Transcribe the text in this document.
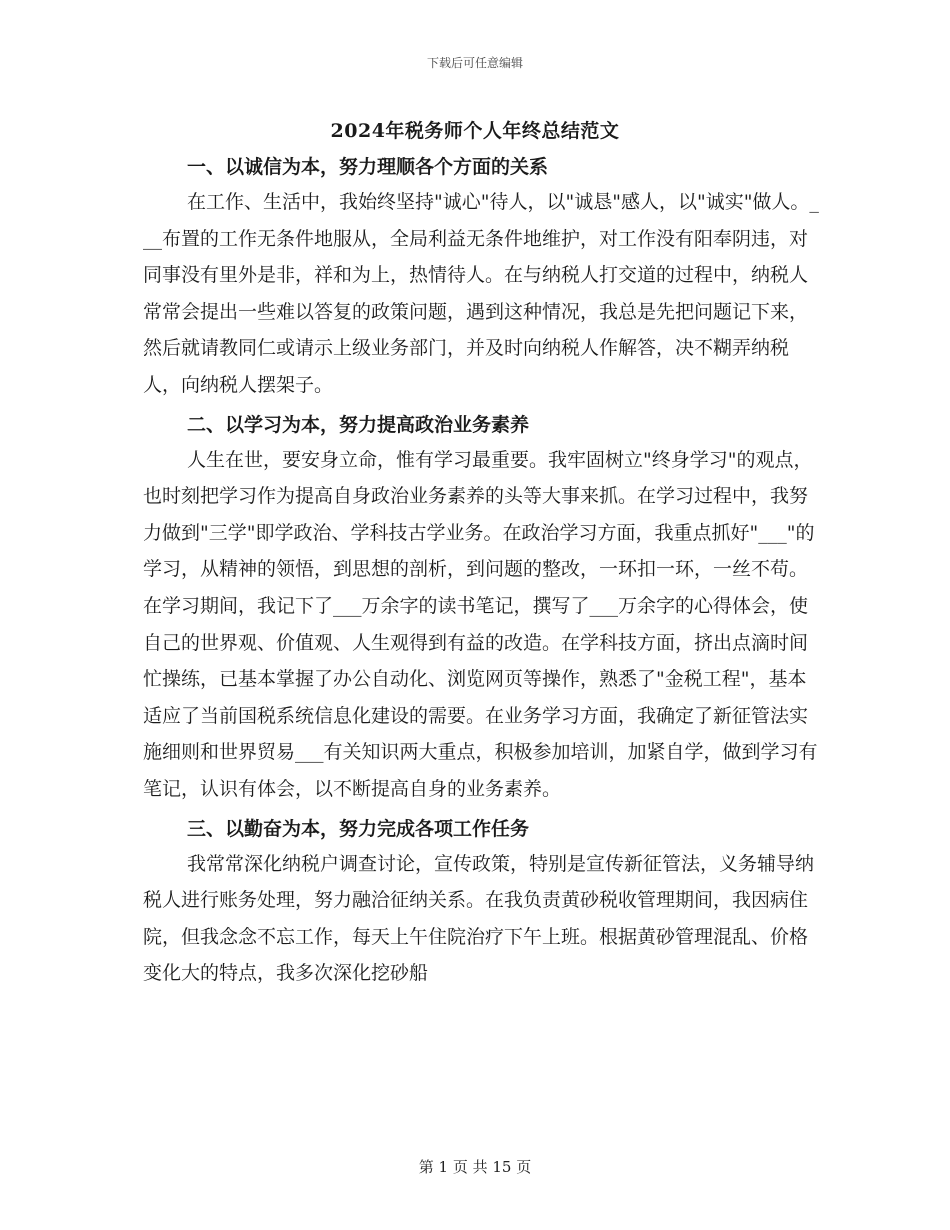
下载后可任意编辑
2024年税务师个人年终总结范文
一、以诚信为本，努力理顺各个方面的关系

在工作、生活中，我始终坚持"诚心"待人，以"诚恳"感人，以"诚实"做人。___布置的工作无条件地服从，全局利益无条件地维护，对工作没有阳奉阴违，对同事没有里外是非，祥和为上，热情待人。在与纳税人打交道的过程中，纳税人常常会提出一些难以答复的政策问题，遇到这种情况，我总是先把问题记下来，然后就请教同仁或请示上级业务部门，并及时向纳税人作解答，决不糊弄纳税人，向纳税人摆架子。

二、以学习为本，努力提高政治业务素养

人生在世，要安身立命，惟有学习最重要。我牢固树立"终身学习"的观点，也时刻把学习作为提高自身政治业务素养的头等大事来抓。在学习过程中，我努力做到"三学"即学政治、学科技古学业务。在政治学习方面，我重点抓好"___"的学习，从精神的领悟，到思想的剖析，到问题的整改，一环扣一环，一丝不苟。在学习期间，我记下了___万余字的读书笔记，撰写了___万余字的心得体会，使自己的世界观、价值观、人生观得到有益的改造。在学科技方面，挤出点滴时间忙操练，已基本掌握了办公自动化、浏览网页等操作，熟悉了"金税工程"，基本适应了当前国税系统信息化建设的需要。在业务学习方面，我确定了新征管法实施细则和世界贸易___有关知识两大重点，积极参加培训，加紧自学，做到学习有笔记，认识有体会，以不断提高自身的业务素养。

三、以勤奋为本，努力完成各项工作任务

我常常深化纳税户调查讨论，宣传政策，特别是宣传新征管法，义务辅导纳税人进行账务处理，努力融洽征纳关系。在我负责黄砂税收管理期间，我因病住院，但我念念不忘工作，每天上午住院治疗下午上班。根据黄砂管理混乱、价格变化大的特点，我多次深化挖砂船

第 1 页 共 15 页
